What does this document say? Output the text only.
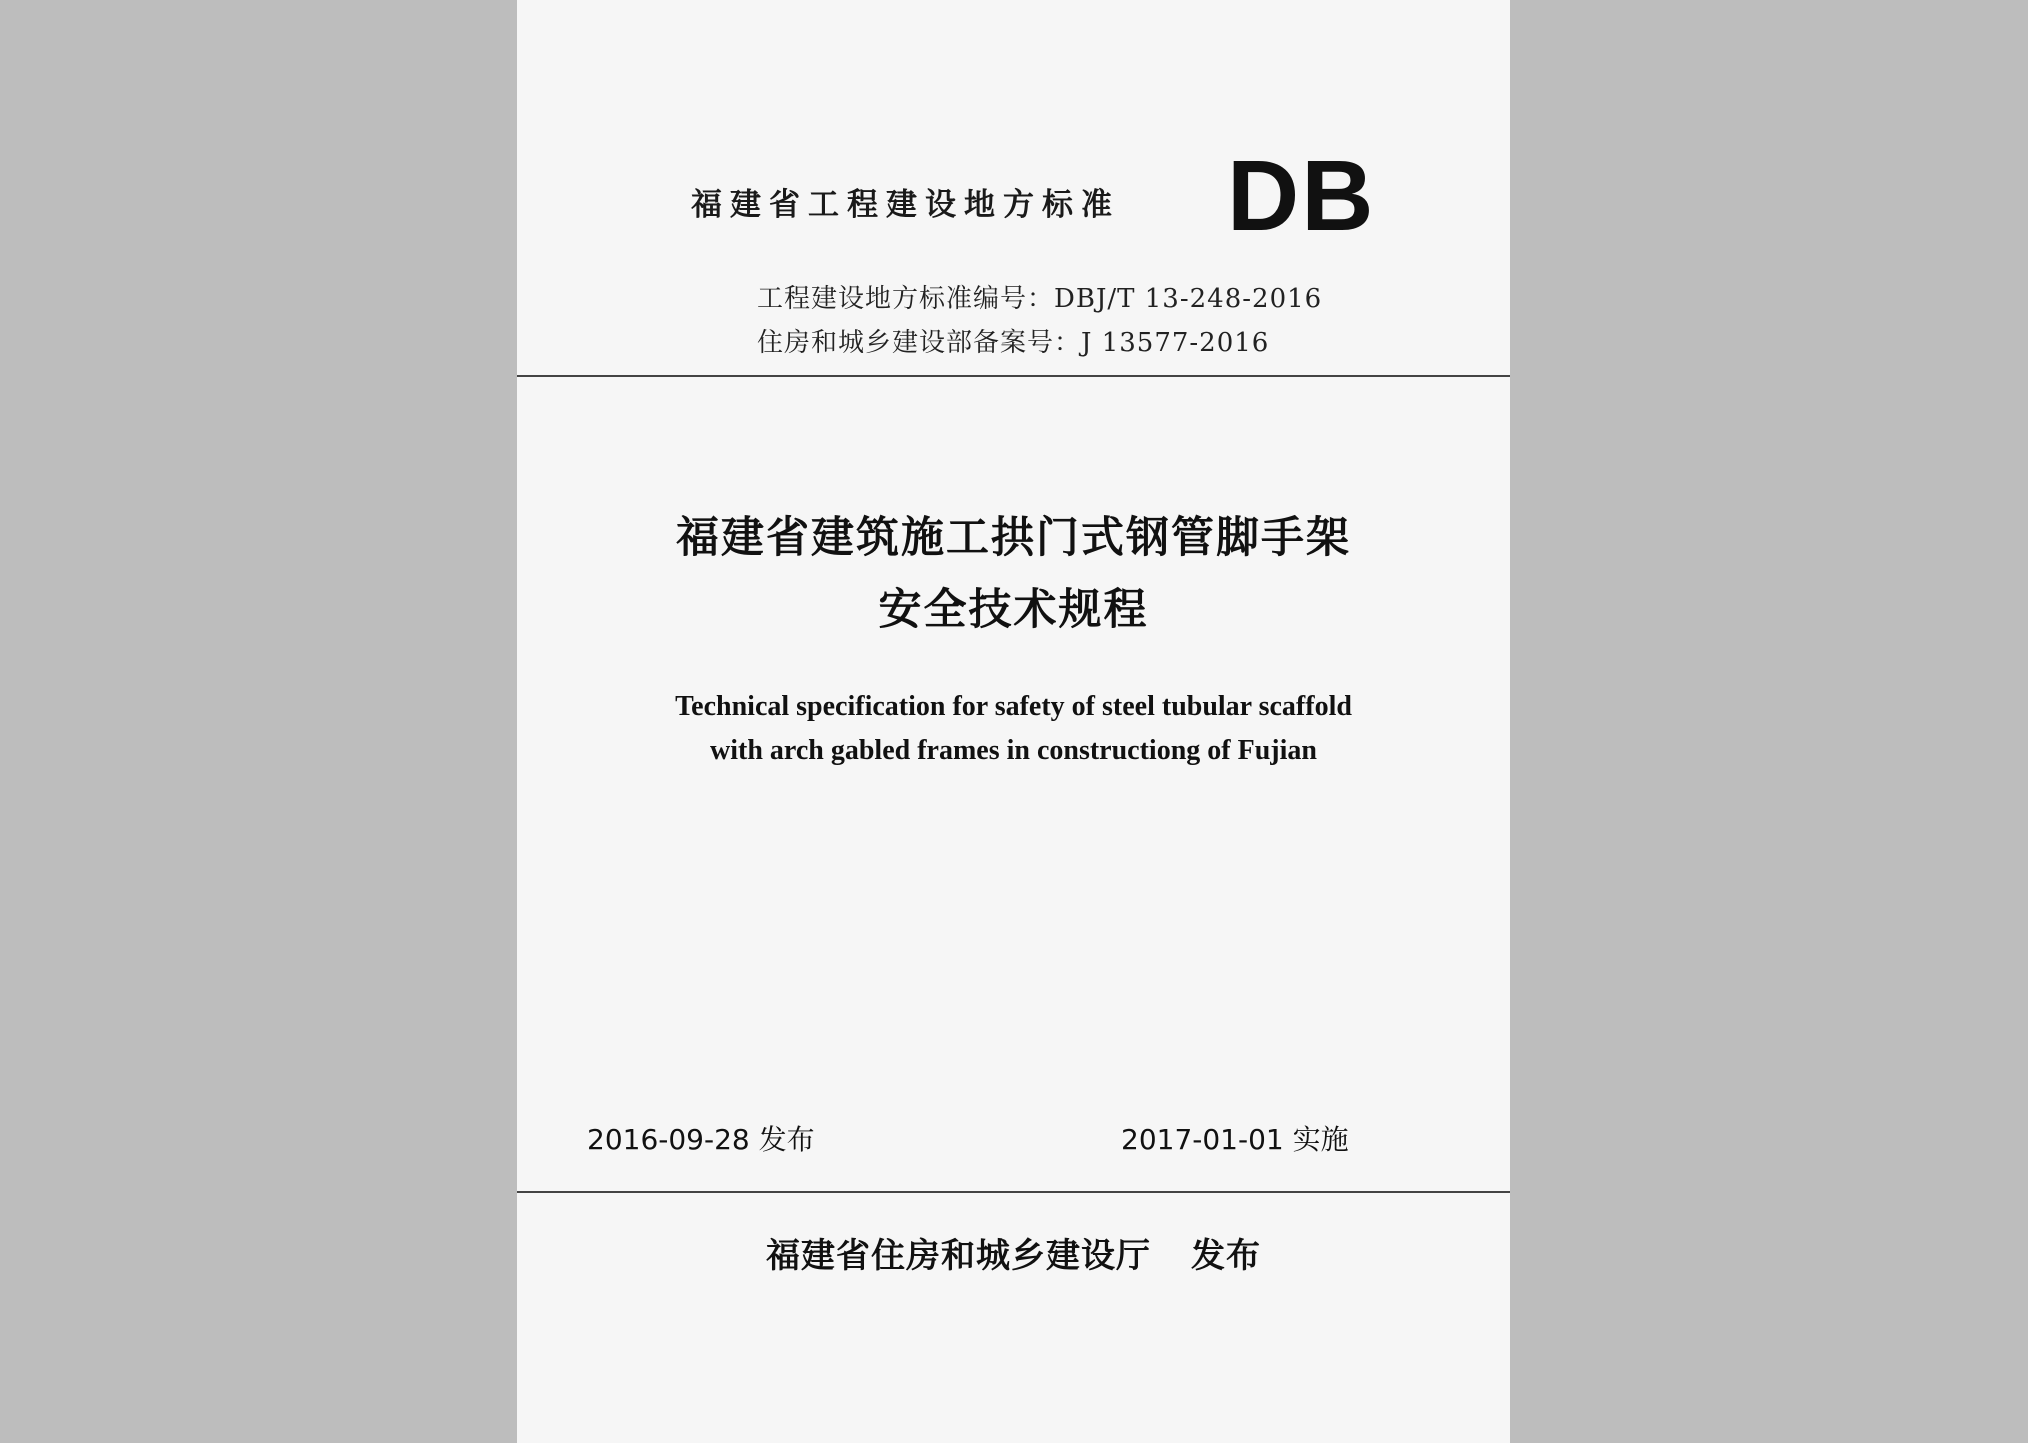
福建省工程建设地方标准 DB
工程建设地方标准编号：DBJ/T 13-248-2016
住房和城乡建设部备案号：J 13577-2016
福建省建筑施工拱门式钢管脚手架
安全技术规程
Technical specification for safety of steel tubular scaffold
with arch gabled frames in constructiong of Fujian
2016-09-28 发布	2017-01-01 实施
福建省住房和城乡建设厅 发布
